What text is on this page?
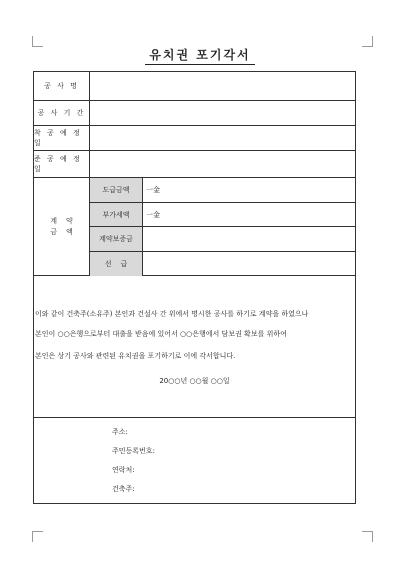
유치권 포기각서
공 사 명
공 사 기 간
착 공 예 정 일
준 공 예 정 일
계    약
금    액
도급금액	一金
부가세액	一金
계약보증금
선    급
이와 같이 건축주(소유주) 본인과 건설사 간 위에서 명시한 공사를 하기로 계약을 하였으나
본인이 ○○은행으로부터 대출을 받음에 있어서 ○○은행에서 담보권 확보를 위하여
본인은 상기 공사와 관련된 유치권을 포기하기로 이에 각서합니다.
20○○년 ○○월 ○○일
주소:
주민등록번호:
연락처:
건축주:
